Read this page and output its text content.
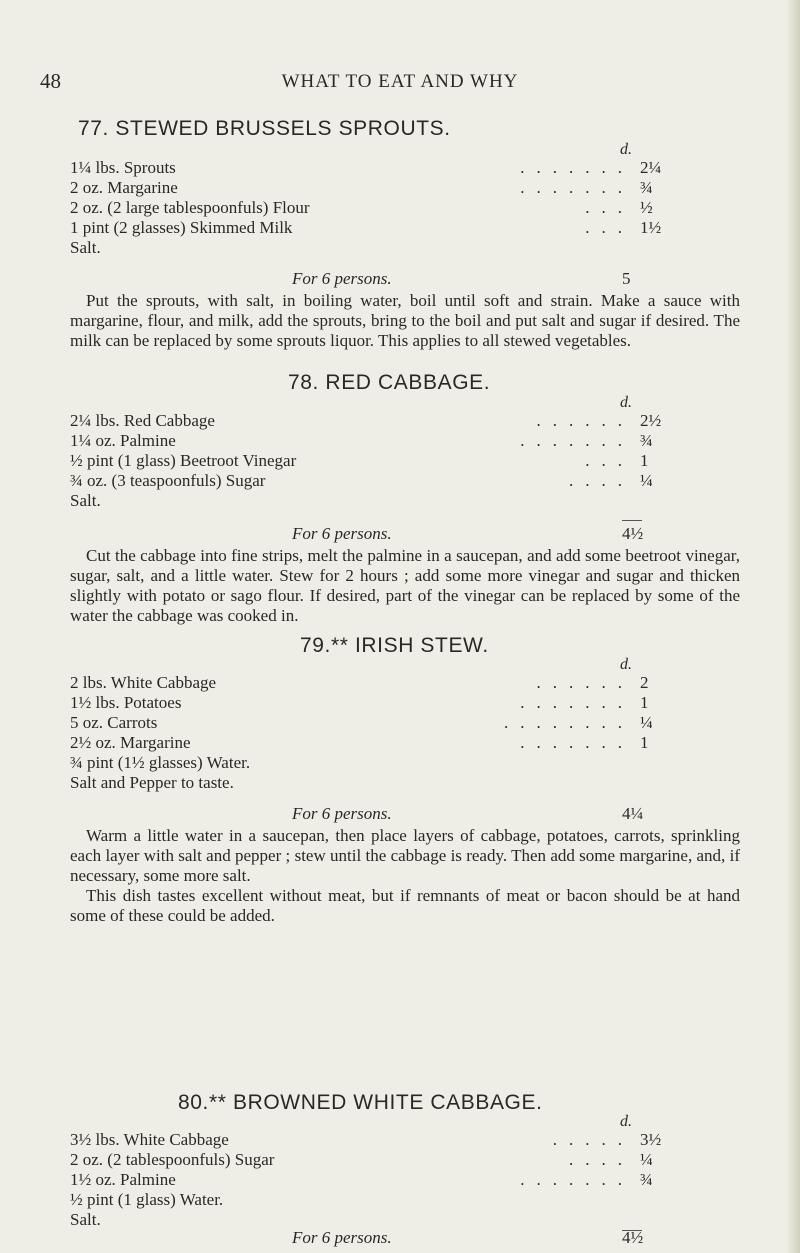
48	WHAT TO EAT AND WHY
77. STEWED BRUSSELS SPROUTS.
d.
1¼ lbs. Sprouts	....... 2¼
2 oz. Margarine	....... ¾
2 oz. (2 large tablespoonfuls) Flour	... ½
1 pint (2 glasses) Skimmed Milk	... 1½
Salt.
For 6 persons.	5

Put the sprouts, with salt, in boiling water, boil until soft and strain. Make a sauce with margarine, flour, and milk, add the sprouts, bring to the boil and put salt and sugar if desired. The milk can be replaced by some sprouts liquor. This applies to all stewed vegetables.

78. RED CABBAGE.
d.
2¼ lbs. Red Cabbage	...... 2½
1¼ oz. Palmine	....... ¾
½ pint (1 glass) Beetroot Vinegar	... 1
¾ oz. (3 teaspoonfuls) Sugar	.... ¼
Salt.
For 6 persons.	4½

Cut the cabbage into fine strips, melt the palmine in a saucepan, and add some beetroot vinegar, sugar, salt, and a little water. Stew for 2 hours ; add some more vinegar and sugar and thicken slightly with potato or sago flour. If desired, part of the vinegar can be replaced by some of the water the cabbage was cooked in.

79.** IRISH STEW.
d.
2 lbs. White Cabbage	...... 2
1½ lbs. Potatoes	....... 1
5 oz. Carrots	........ ¼
2½ oz. Margarine	....... 1
¾ pint (1½ glasses) Water.
Salt and Pepper to taste.
For 6 persons.	4¼

Warm a little water in a saucepan, then place layers of cabbage, potatoes, carrots, sprinkling each layer with salt and pepper ; stew until the cabbage is ready. Then add some margarine, and, if necessary, some more salt.

This dish tastes excellent without meat, but if remnants of meat or bacon should be at hand some of these could be added.

80.** BROWNED WHITE CABBAGE.
d.
3½ lbs. White Cabbage	..... 3½
2 oz. (2 tablespoonfuls) Sugar	.... ¼
1½ oz. Palmine	....... ¾
½ pint (1 glass) Water.
Salt.
For 6 persons.	4½
